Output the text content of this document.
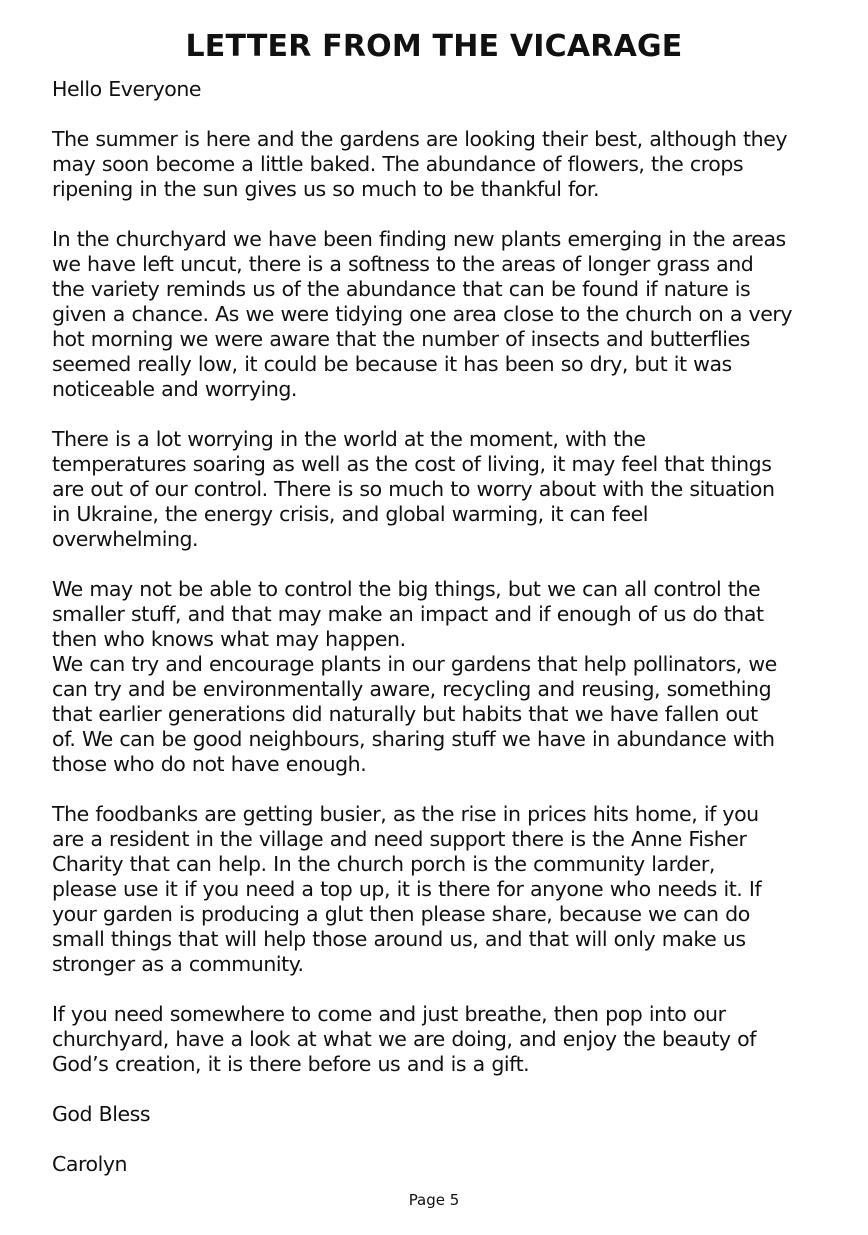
LETTER FROM THE VICARAGE

Hello Everyone

The summer is here and the gardens are looking their best, although they
may soon become a little baked. The abundance of flowers, the crops
ripening in the sun gives us so much to be thankful for.

In the churchyard we have been finding new plants emerging in the areas
we have left uncut, there is a softness to the areas of longer grass and
the variety reminds us of the abundance that can be found if nature is
given a chance. As we were tidying one area close to the church on a very
hot morning we were aware that the number of insects and butterflies
seemed really low, it could be because it has been so dry, but it was
noticeable and worrying.

There is a lot worrying in the world at the moment, with the
temperatures soaring as well as the cost of living, it may feel that things
are out of our control. There is so much to worry about with the situation
in Ukraine, the energy crisis, and global warming, it can feel
overwhelming.

We may not be able to control the big things, but we can all control the
smaller stuff, and that may make an impact and if enough of us do that
then who knows what may happen.

We can try and encourage plants in our gardens that help pollinators, we
can try and be environmentally aware, recycling and reusing, something
that earlier generations did naturally but habits that we have fallen out
of. We can be good neighbours, sharing stuff we have in abundance with
those who do not have enough.

The foodbanks are getting busier, as the rise in prices hits home, if you
are a resident in the village and need support there is the Anne Fisher
Charity that can help. In the church porch is the community larder,
please use it if you need a top up, it is there for anyone who needs it. If
your garden is producing a glut then please share, because we can do
small things that will help those around us, and that will only make us
stronger as a community.

If you need somewhere to come and just breathe, then pop into our
churchyard, have a look at what we are doing, and enjoy the beauty of
God’s creation, it is there before us and is a gift.

God Bless

Carolyn

Page 5
